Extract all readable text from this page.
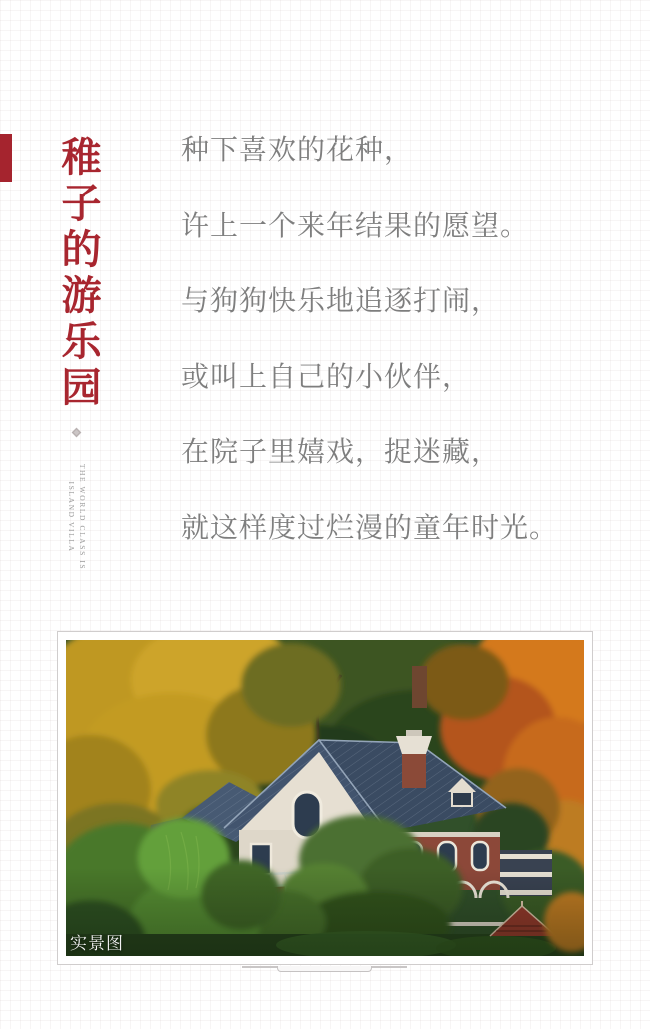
稚子的游乐园
THE WORLD CLASS IS
ISLAND VILLA
种下喜欢的花种，
许上一个来年结果的愿望。
与狗狗快乐地追逐打闹，
或叫上自己的小伙伴，
在院子里嬉戏，捉迷藏，
就这样度过烂漫的童年时光。
实景图
